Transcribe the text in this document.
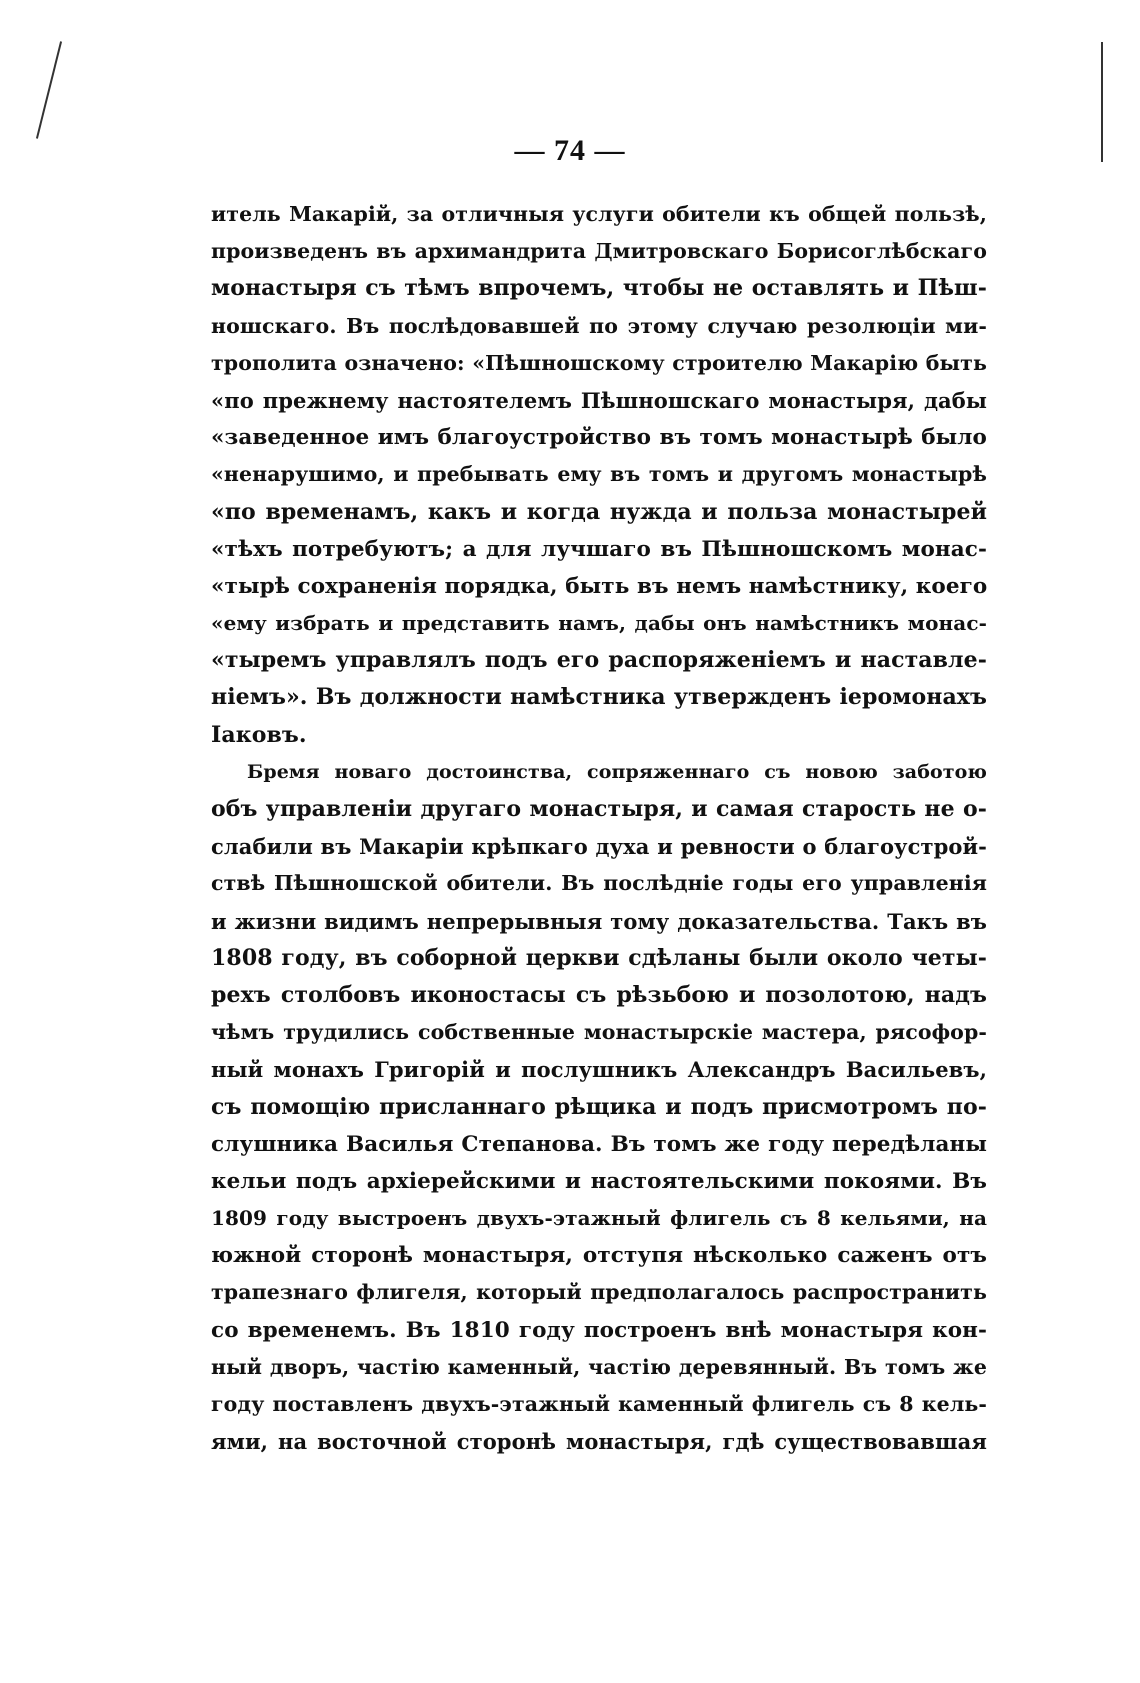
— 74 —
итель Макарій, за отличныя услуги обители къ общей пользѣ,
произведенъ въ архимандрита Дмитровскаго Борисоглѣбскаго
монастыря съ тѣмъ впрочемъ, чтобы не оставлять и Пѣш-
ношскаго. Въ послѣдовавшей по этому случаю резолюціи ми-
трополита означено: «Пѣшношскому строителю Макарію быть
«по прежнему настоятелемъ Пѣшношскаго монастыря, дабы
«заведенное имъ благоустройство въ томъ монастырѣ было
«ненарушимо, и пребывать ему въ томъ и другомъ монастырѣ
«по временамъ, какъ и когда нужда и польза монастырей
«тѣхъ потребуютъ; а для лучшаго въ Пѣшношскомъ монас-
«тырѣ сохраненія порядка, быть въ немъ намѣстнику, коего
«ему избрать и представить намъ, дабы онъ намѣстникъ монас-
«тыремъ управлялъ подъ его распоряженіемъ и наставле-
ніемъ». Въ должности намѣстника утвержденъ іеромонахъ
Іаковъ.
Бремя новаго достоинства, сопряженнаго съ новою заботою
объ управленіи другаго монастыря, и самая старость не о-
слабили въ Макаріи крѣпкаго духа и ревности о благоустрой-
ствѣ Пѣшношской обители. Въ послѣдніе годы его управленія
и жизни видимъ непрерывныя тому доказательства. Такъ въ
1808 году, въ соборной церкви сдѣланы были около четы-
рехъ столбовъ иконостасы съ рѣзьбою и позолотою, надъ
чѣмъ трудились собственные монастырскіе мастера, рясофор-
ный монахъ Григорій и послушникъ Александръ Васильевъ,
съ помощію присланнаго рѣщика и подъ присмотромъ по-
слушника Василья Степанова. Въ томъ же году передѣланы
кельи подъ архіерейскими и настоятельскими покоями. Въ
1809 году выстроенъ двухъ-этажный флигель съ 8 кельями, на
южной сторонѣ монастыря, отступя нѣсколько саженъ отъ
трапезнаго флигеля, который предполагалось распространить
со временемъ. Въ 1810 году построенъ внѣ монастыря кон-
ный дворъ, частію каменный, частію деревянный. Въ томъ же
году поставленъ двухъ-этажный каменный флигель съ 8 кель-
ями, на восточной сторонѣ монастыря, гдѣ существовавшая
